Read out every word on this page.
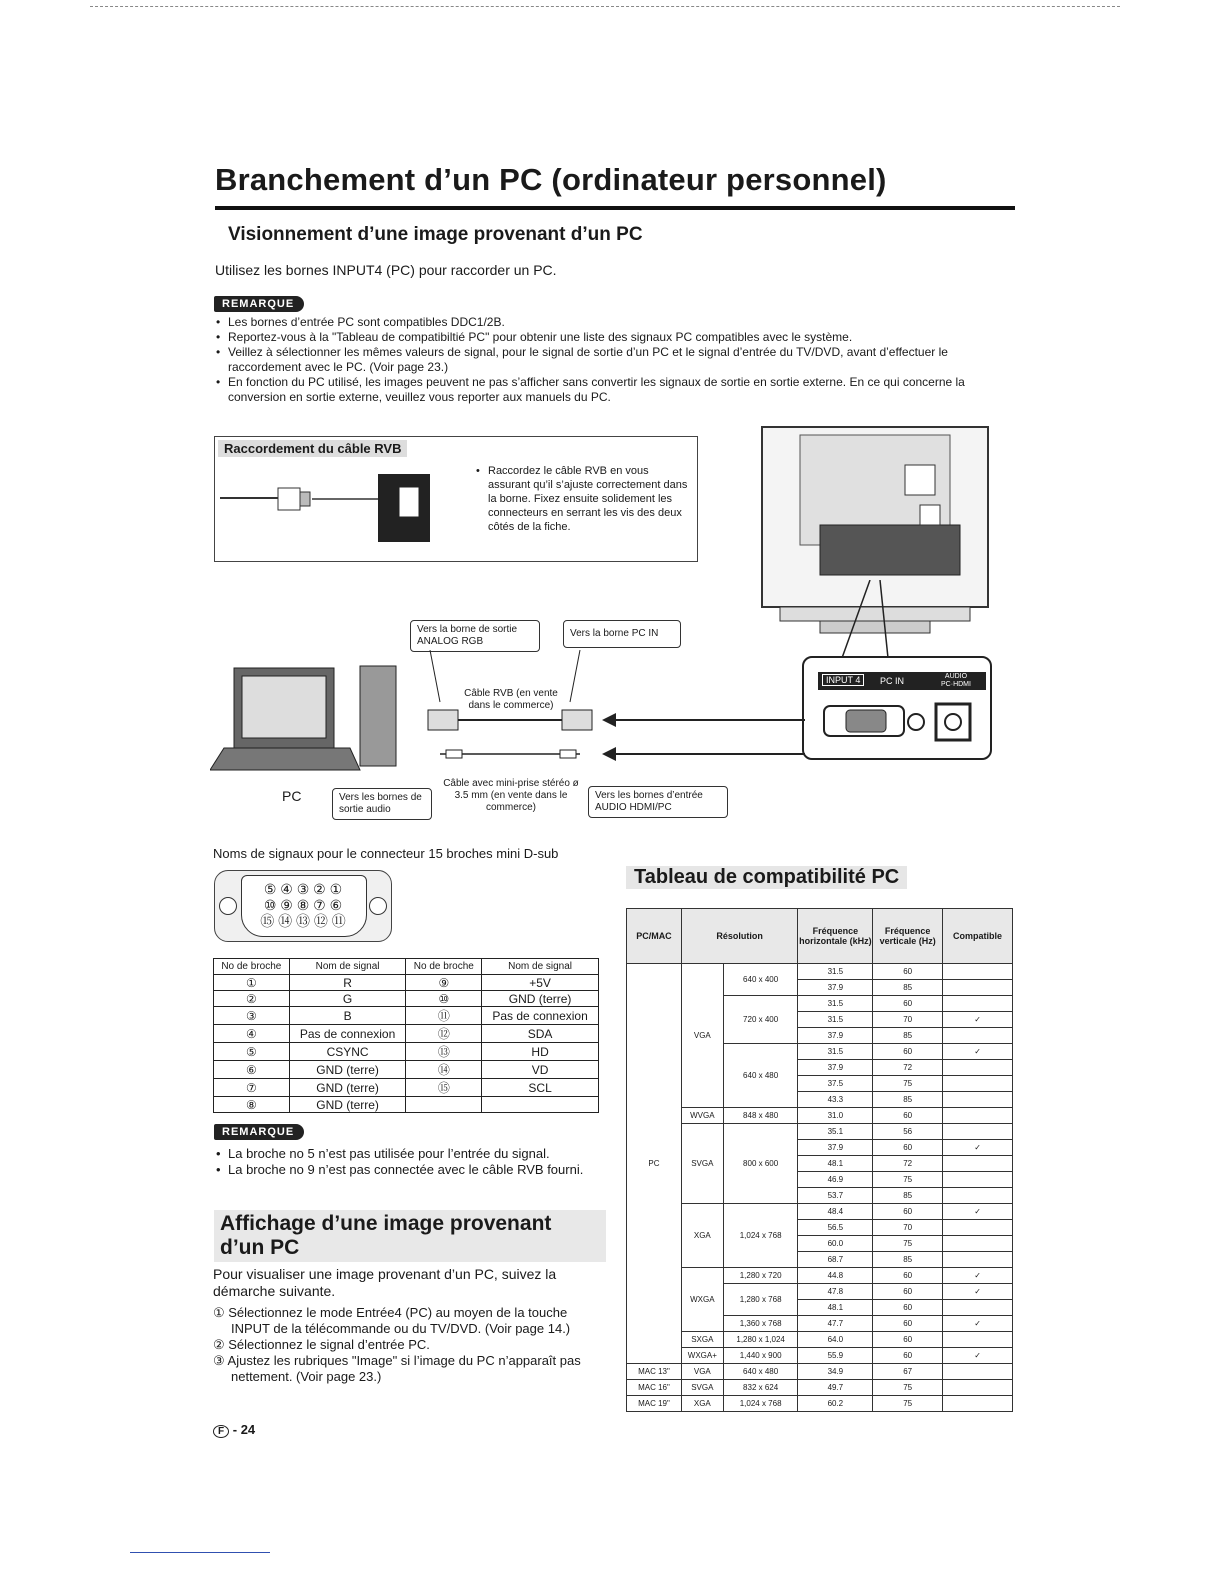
Branchement d’un PC (ordinateur personnel)
Visionnement d’une image provenant d’un PC
Utilisez les bornes INPUT4 (PC) pour raccorder un PC.
REMARQUE
• Les bornes d’entrée PC sont compatibles DDC1/2B.
• Reportez-vous à la "Tableau de compatibiltié PC" pour obtenir une liste des signaux PC compatibles avec le système.
• Veillez à sélectionner les mêmes valeurs de signal, pour le signal de sortie d’un PC et le signal d’entrée du TV/DVD, avant d’effectuer le raccordement avec le PC. (Voir page 23.)
• En fonction du PC utilisé, les images peuvent ne pas s’afficher sans convertir les signaux de sortie en sortie externe. En ce qui concerne la conversion en sortie externe, veuillez vous reporter aux manuels du PC.
Raccordement du câble RVB
• Raccordez le câble RVB en vous assurant qu’il s’ajuste correctement dans la borne. Fixez ensuite solidement les connecteurs en serrant les vis des deux côtés de la fiche.
INPUT 4	PC IN	AUDIO PC·HDMI
Vers la borne de sortie ANALOG RGB
Vers la borne PC IN
PC
Câble RVB (en vente dans le commerce)
Câble avec mini-prise stéréo ø 3.5 mm (en vente dans le commerce)
Vers les bornes de sortie audio
Vers les bornes d’entrée AUDIO HDMI/PC
Noms de signaux pour le connecteur 15 broches mini D-sub
⑤ ④ ③ ② ①
⑩ ⑨ ⑧ ⑦ ⑥
⑮ ⑭ ⑬ ⑫ ⑪
No de broche	Nom de signal	No de broche	Nom de signal
①	R	⑨	+5V
②	G	⑩	GND (terre)
③	B	⑪	Pas de connexion
④	Pas de connexion	⑫	SDA
⑤	CSYNC	⑬	HD
⑥	GND (terre)	⑭	VD
⑦	GND (terre)	⑮	SCL
⑧	GND (terre)		
REMARQUE
• La broche no 5 n’est pas utilisée pour l’entrée du signal.
• La broche no 9 n’est pas connectée avec le câble RVB fourni.
Affichage d’une image provenant d’un PC
Pour visualiser une image provenant d’un PC, suivez la démarche suivante.
① Sélectionnez le mode Entrée4 (PC) au moyen de la touche INPUT de la télécommande ou du TV/DVD. (Voir page 14.)
② Sélectionnez le signal d’entrée PC.
③ Ajustez les rubriques "Image" si l’image du PC n’apparaît pas nettement. (Voir page 23.)
F - 24
Tableau de compatibilité PC
PC/MAC	Résolution		Fréquence horizontale (kHz)	Fréquence verticale (Hz)	Compatible
PC	VGA	640 x 400	31.5	60	
			37.9	85	
		720 x 400	31.5	60	
			31.5	70	✓
			37.9	85	
		640 x 480	31.5	60	✓
			37.9	72	
			37.5	75	
			43.3	85	
	WVGA	848 x 480	31.0	60	
	SVGA	800 x 600	35.1	56	
			37.9	60	✓
			48.1	72	
			46.9	75	
			53.7	85	
	XGA	1,024 x 768	48.4	60	✓
			56.5	70	
			60.0	75	
			68.7	85	
	WXGA	1,280 x 720	44.8	60	✓
		1,280 x 768	47.8	60	✓
			48.1	60	
		1,360 x 768	47.7	60	✓
	SXGA	1,280 x 1,024	64.0	60	
	WXGA+	1,440 x 900	55.9	60	✓
MAC 13"	VGA	640 x 480	34.9	67	
MAC 16"	SVGA	832 x 624	49.7	75	
MAC 19"	XGA	1,024 x 768	60.2	75	
